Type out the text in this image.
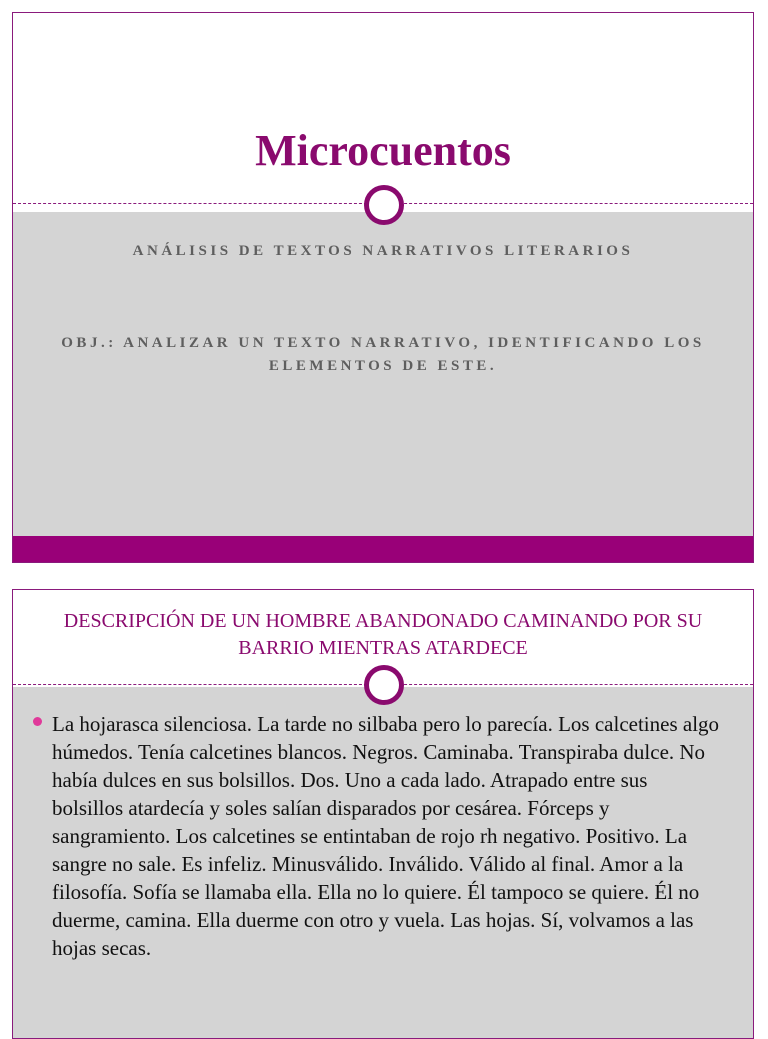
Microcuentos
ANÁLISIS DE TEXTOS NARRATIVOS LITERARIOS
OBJ.: ANALIZAR UN TEXTO NARRATIVO, IDENTIFICANDO LOS ELEMENTOS DE ESTE.
DESCRIPCIÓN DE UN HOMBRE ABANDONADO CAMINANDO POR SU BARRIO MIENTRAS ATARDECE
La hojarasca silenciosa. La tarde no silbaba pero lo parecía. Los calcetines algo húmedos. Tenía calcetines blancos. Negros. Caminaba. Transpiraba dulce. No había dulces en sus bolsillos. Dos. Uno a cada lado. Atrapado entre sus bolsillos atardecía y soles salían disparados por cesárea. Fórceps y sangramiento. Los calcetines se entintaban de rojo rh negativo. Positivo. La sangre no sale. Es infeliz. Minusválido. Inválido. Válido al final. Amor a la filosofía. Sofía se llamaba ella. Ella no lo quiere. Él tampoco se quiere. Él no duerme, camina. Ella duerme con otro y vuela. Las hojas. Sí, volvamos a las hojas secas.
